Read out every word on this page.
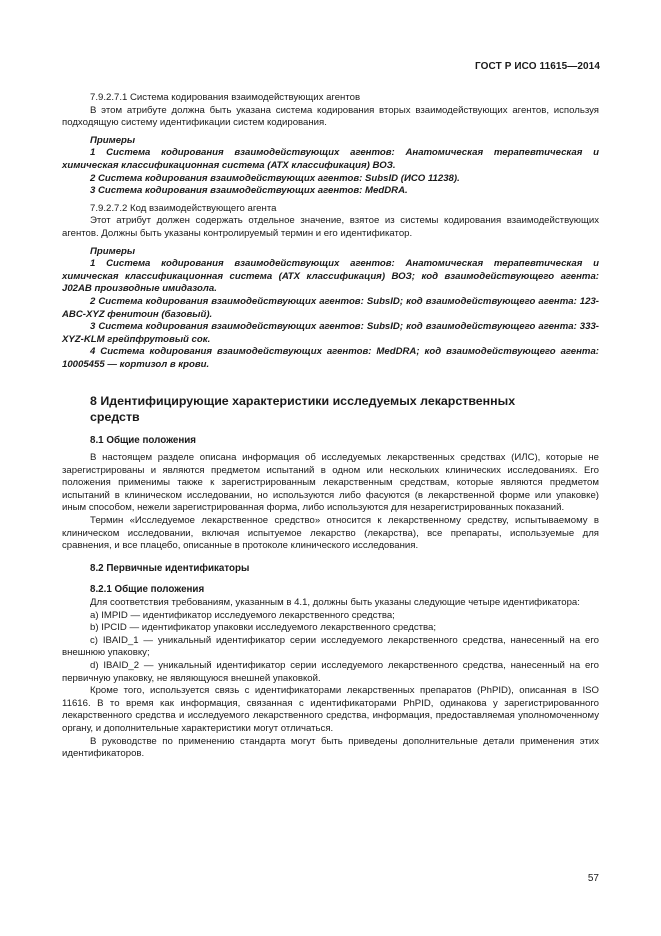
ГОСТ Р ИСО 11615—2014

7.9.2.7.1 Система кодирования взаимодействующих агентов

В этом атрибуте должна быть указана система кодирования вторых взаимодействующих агентов, используя подходящую систему идентификации систем кодирования.

Примеры

1 Система кодирования взаимодействующих агентов: Анатомическая терапевтическая и химическая классификационная система (АТХ классификация) ВОЗ.

2 Система кодирования взаимодействующих агентов: SubsID (ИСО 11238).

3 Система кодирования взаимодействующих агентов: MedDRA.

7.9.2.7.2 Код взаимодействующего агента

Этот атрибут должен содержать отдельное значение, взятое из системы кодирования взаимодействующих агентов. Должны быть указаны контролируемый термин и его идентификатор.

Примеры

1 Система кодирования взаимодействующих агентов: Анатомическая терапевтическая и химическая классификационная система (АТХ классификация) ВОЗ; код взаимодействующего агента: J02AB производные имидазола.

2 Система кодирования взаимодействующих агентов: SubsID; код взаимодействующего агента: 123-ABC-XYZ фенитоин (базовый).

3 Система кодирования взаимодействующих агентов: SubsID; код взаимодействующего агента: 333-XYZ-KLM грейпфрутовый сок.

4 Система кодирования взаимодействующих агентов: MedDRA; код взаимодействующего агента: 10005455 — кортизол в крови.

8 Идентифицирующие характеристики исследуемых лекарственных средств
8.1 Общие положения

В настоящем разделе описана информация об исследуемых лекарственных средствах (ИЛС), которые не зарегистрированы и являются предметом испытаний в одном или нескольких клинических исследованиях. Его положения применимы также к зарегистрированным лекарственным средствам, которые являются предметом испытаний в клиническом исследовании, но используются либо фасуются (в лекарственной форме или упаковке) иным способом, нежели зарегистрированная форма, либо используются для незарегистрированных показаний.

Термин «Исследуемое лекарственное средство» относится к лекарственному средству, испытываемому в клиническом исследовании, включая испытуемое лекарство (лекарства), все препараты, используемые для сравнения, и все плацебо, описанные в протоколе клинического исследования.

8.2 Первичные идентификаторы
8.2.1 Общие положения

Для соответствия требованиям, указанным в 4.1, должны быть указаны следующие четыре идентификатора:

a) IMPID — идентификатор исследуемого лекарственного средства;

b) IPCID — идентификатор упаковки исследуемого лекарственного средства;

c) IBAID_1 — уникальный идентификатор серии исследуемого лекарственного средства, нанесенный на его внешнюю упаковку;

d) IBAID_2 — уникальный идентификатор серии исследуемого лекарственного средства, нанесенный на его первичную упаковку, не являющуюся внешней упаковкой.

Кроме того, используется связь с идентификаторами лекарственных препаратов (PhPID), описанная в ISO 11616. В то время как информация, связанная с идентификаторами PhPID, одинакова у зарегистрированного лекарственного средства и исследуемого лекарственного средства, информация, предоставляемая уполномоченному органу, и дополнительные характеристики могут отличаться.

В руководстве по применению стандарта могут быть приведены дополнительные детали применения этих идентификаторов.

57
